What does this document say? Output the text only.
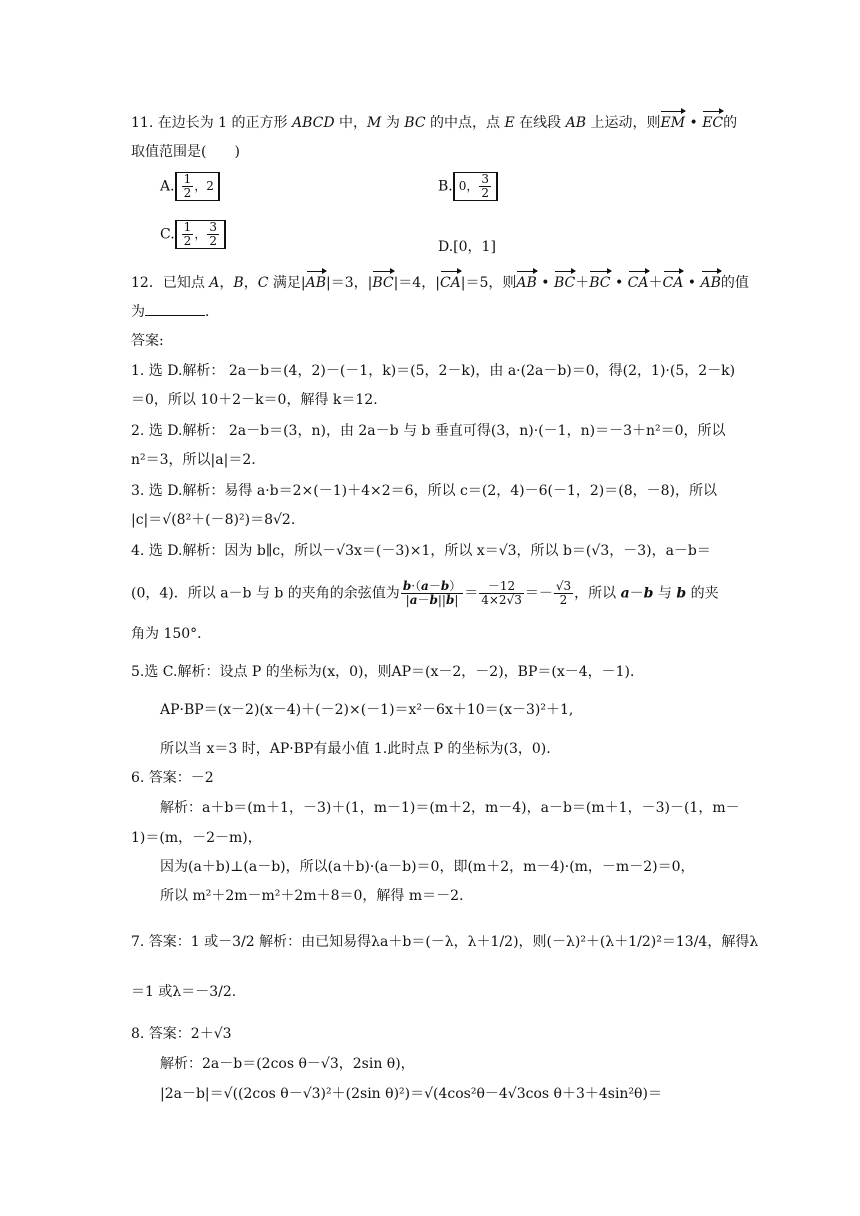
11. 在边长为 1 的正方形 ABCD 中，M 为 BC 的中点，点 E 在线段 AB 上运动，则EM • EC的
取值范围是(　　)
A. $\frac{1}{2}$ ，2	B. 0， $\frac{3}{2}$
C. $\frac{1}{2}$ ， $\frac{3}{2}$	D.[0，1]
12．已知点 A，B，C 满足|AB|＝3，|BC|＝4，|CA|＝5，则AB • BC＋BC • CA＋CA • AB的值
为	.
答案:
1. 选 D.解析： 2a－b＝(4，2)－(－1，k)＝(5，2－k)，由 a·(2a－b)＝0，得(2，1)·(5，2－k)
＝0，所以 10＋2－k＝0，解得 k＝12.
2. 选 D.解析： 2a－b＝(3，n)，由 2a－b 与 b 垂直可得(3，n)·(－1，n)＝－3＋n²＝0，所以
n²＝3，所以|a|＝2.
3. 选 D.解析：易得 a·b＝2×(－1)＋4×2＝6，所以 c＝(2，4)－6(－1，2)＝(8，－8)，所以
|c|＝√(8²＋(－8)²)＝8√2.
4. 选 D.解析：因为 b∥c，所以－√3x＝(－3)×1，所以 x＝√3，所以 b＝(√3，－3)，a－b＝
(0，4)．所以 a－b 与 b 的夹角的余弦值为 $\frac{b\cdot(a-b)}{|a-b||b|} = \frac{-12}{4\times 2√3} =- \frac{√3}{2}$ ，所以 a－b 与 b 的夹
角为 150°．
5.选 C.解析：设点 P 的坐标为(x，0)，则AP＝(x－2，－2)，BP＝(x－4，－1)．
AP·BP＝(x－2)(x－4)＋(－2)×(－1)＝x²－6x＋10＝(x－3)²＋1,
所以当 x＝3 时，AP·BP有最小值 1.此时点 P 的坐标为(3，0).
6. 答案：－2
解析：a＋b＝(m＋1，－3)＋(1，m－1)＝(m＋2，m－4)，a－b＝(m＋1，－3)－(1，m－
1)＝(m，－2－m)，
因为(a＋b)⊥(a－b)，所以(a＋b)·(a－b)＝0，即(m＋2，m－4)·(m，－m－2)＝0，
所以 m²＋2m－m²＋2m＋8＝0，解得 m＝－2.
7. 答案：1 或－3/2 解析：由已知易得λa＋b＝(－λ，λ＋1/2)，则(－λ)²＋(λ＋1/2)²＝13/4，解得λ
＝1 或λ＝－3/2.
8. 答案：2＋√3
解析：2a－b＝(2cos θ－√3，2sin θ)，
|2a－b|＝√((2cos θ－√3)²＋(2sin θ)²)＝√(4cos²θ－4√3cos θ＋3＋4sin²θ)＝
